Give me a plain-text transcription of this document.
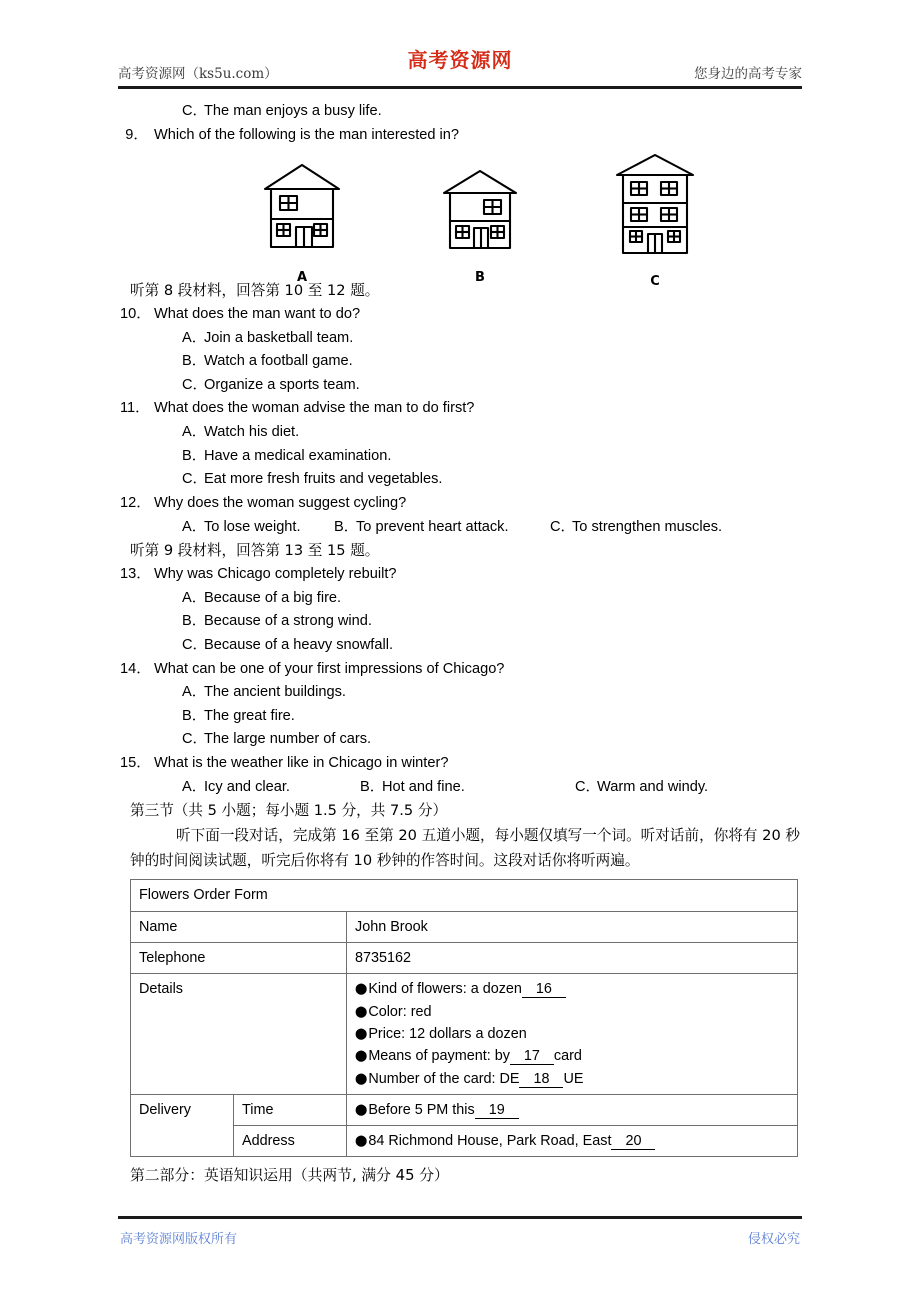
高考资源网（ks5u.com）
高考资源网
您身边的高考专家
C．The man enjoys a busy life.
9． Which of the following is the man interested in?
A	B	C
听第 8 段材料，回答第 10 至 12 题。
10． What does the man want to do?
A．Join a basketball team.
B．Watch a football game.
C．Organize a sports team.
11． What does the woman advise the man to do first?
A．Watch his diet.
B．Have a medical examination.
C．Eat more fresh fruits and vegetables.
12． Why does the woman suggest cycling?
A．To lose weight. B．To prevent heart attack.	C．To strengthen muscles.
听第 9 段材料，回答第 13 至 15 题。
13． Why was Chicago completely rebuilt?
A．Because of a big fire.
B．Because of a strong wind.
C．Because of a heavy snowfall.
14． What can be one of your first impressions of Chicago?
A．The ancient buildings.
B．The great fire.
C．The large number of cars.
15． What is the weather like in Chicago in winter?
A．Icy and clear.	B．Hot and fine.	C．Warm and windy.
第三节（共 5 小题；每小题 1.5 分，共 7.5 分）
听下面一段对话，完成第 16 至第 20 五道小题，每小题仅填写一个词。听对话前，你将有 20 秒钟的时间阅读试题，听完后你将有 10 秒钟的作答时间。这段对话你将听两遍。
Flowers Order Form		
Name		John Brook
Telephone		8735162
Details		⬤Kind of flowers: a dozen 16
⬤Color: red
⬤Price: 12 dollars a dozen
⬤Means of payment: by 17 card
⬤Number of the card: DE 18 UE

Delivery	Time	⬤Before 5 PM this 19

	Address	⬤84 Richmond House, Park Road, East 20
第二部分：英语知识运用（共两节, 满分 45 分）
高考资源网版权所有	侵权必究
